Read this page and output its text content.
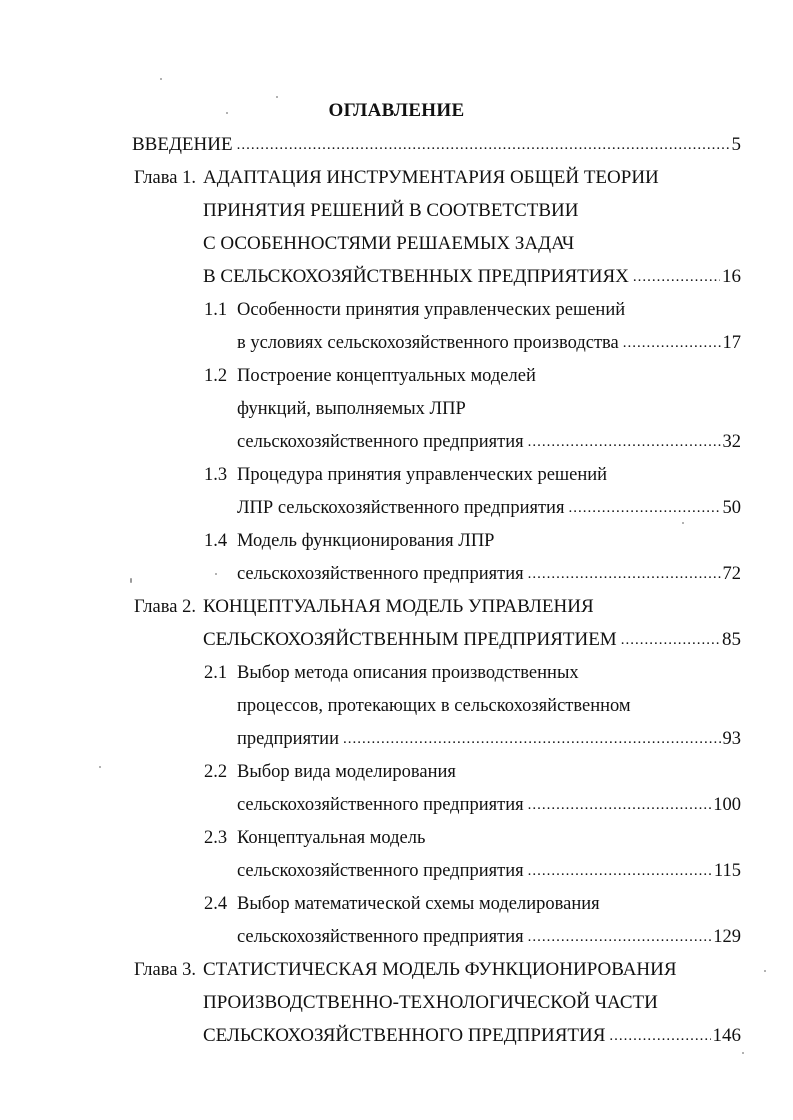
ОГЛАВЛЕНИЕ
ВВЕДЕНИЕ .....	5
Глава 1. АДАПТАЦИЯ ИНСТРУМЕНТАРИЯ ОБЩЕЙ ТЕОРИИ
ПРИНЯТИЯ РЕШЕНИЙ В СООТВЕТСТВИИ
С ОСОБЕННОСТЯМИ РЕШАЕМЫХ ЗАДАЧ
В СЕЛЬСКОХОЗЯЙСТВЕННЫХ ПРЕДПРИЯТИЯХ .....	16
1.1 Особенности принятия управленческих решений
в условиях сельскохозяйственного производства .....	17
1.2 Построение концептуальных моделей
функций, выполняемых ЛПР
сельскохозяйственного предприятия .....	32
1.3 Процедура принятия управленческих решений
ЛПР сельскохозяйственного предприятия .....	50
1.4 Модель функционирования ЛПР
сельскохозяйственного предприятия .....	72
Глава 2. КОНЦЕПТУАЛЬНАЯ МОДЕЛЬ УПРАВЛЕНИЯ
СЕЛЬСКОХОЗЯЙСТВЕННЫМ ПРЕДПРИЯТИЕМ .....	85
2.1 Выбор метода описания производственных
процессов, протекающих в сельскохозяйственном
предприятии .....	93
2.2 Выбор вида моделирования
сельскохозяйственного предприятия .....	100
2.3 Концептуальная модель
сельскохозяйственного предприятия .....	115
2.4 Выбор математической схемы моделирования
сельскохозяйственного предприятия .....	129
Глава 3. СТАТИСТИЧЕСКАЯ МОДЕЛЬ ФУНКЦИОНИРОВАНИЯ
ПРОИЗВОДСТВЕННО-ТЕХНОЛОГИЧЕСКОЙ ЧАСТИ
СЕЛЬСКОХОЗЯЙСТВЕННОГО ПРЕДПРИЯТИЯ .....	146
